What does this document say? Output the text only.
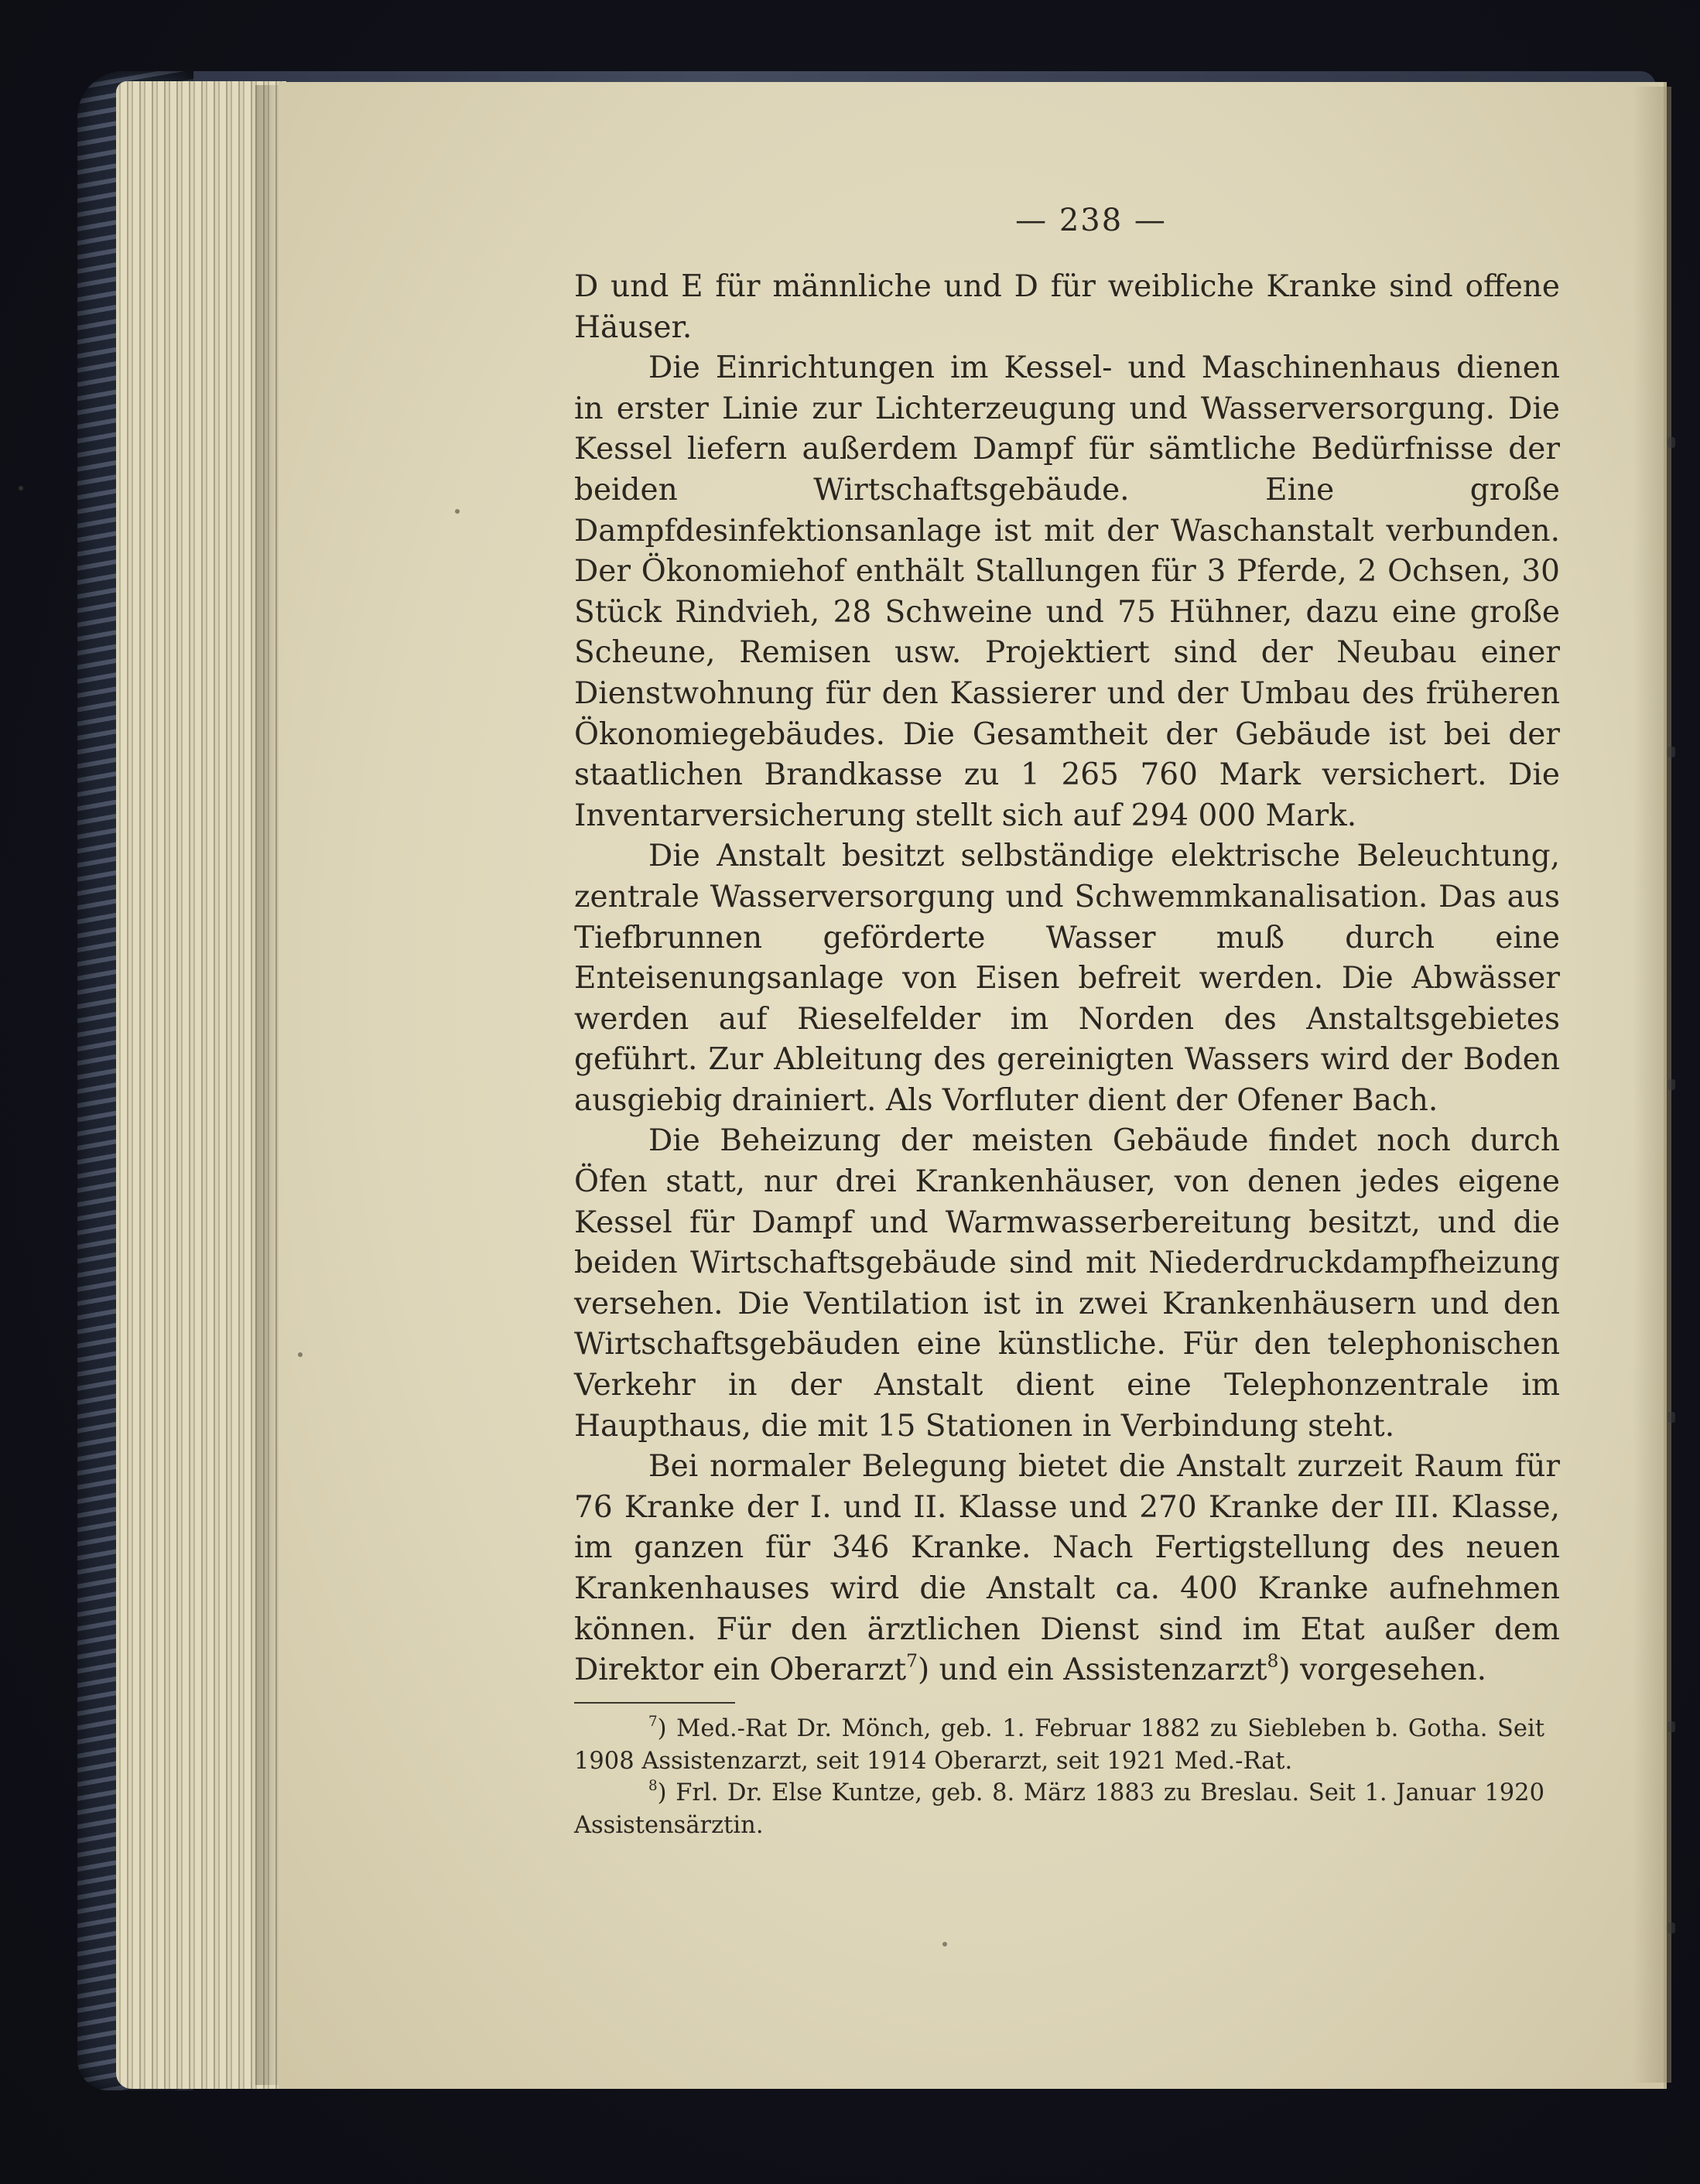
— 238 —

D und E für männliche und D für weibliche Kranke sind offene Häuser.

Die Einrichtungen im Kessel- und Maschinenhaus dienen in erster Linie zur Lichterzeugung und Wasserversorgung. Die Kessel liefern außerdem Dampf für sämtliche Bedürfnisse der beiden Wirtschaftsgebäude. Eine große Dampfdesinfektionsanlage ist mit der Waschanstalt verbunden. Der Ökonomiehof enthält Stallungen für 3 Pferde, 2 Ochsen, 30 Stück Rindvieh, 28 Schweine und 75 Hühner, dazu eine große Scheune, Remisen usw. Projektiert sind der Neubau einer Dienstwohnung für den Kassierer und der Umbau des früheren Ökonomiegebäudes. Die Gesamtheit der Gebäude ist bei der staatlichen Brandkasse zu 1 265 760 Mark versichert. Die Inventarversicherung stellt sich auf 294 000 Mark.

Die Anstalt besitzt selbständige elektrische Beleuchtung, zentrale Wasserversorgung und Schwemmkanalisation. Das aus Tiefbrunnen geförderte Wasser muß durch eine Enteisenungsanlage von Eisen befreit werden. Die Abwässer werden auf Rieselfelder im Norden des Anstaltsgebietes geführt. Zur Ableitung des gereinigten Wassers wird der Boden ausgiebig drainiert. Als Vorfluter dient der Ofener Bach.

Die Beheizung der meisten Gebäude findet noch durch Öfen statt, nur drei Krankenhäuser, von denen jedes eigene Kessel für Dampf und Warmwasserbereitung besitzt, und die beiden Wirtschaftsgebäude sind mit Niederdruckdampfheizung versehen. Die Ventilation ist in zwei Krankenhäusern und den Wirtschaftsgebäuden eine künstliche. Für den telephonischen Verkehr in der Anstalt dient eine Telephonzentrale im Haupthaus, die mit 15 Stationen in Verbindung steht.

Bei normaler Belegung bietet die Anstalt zurzeit Raum für 76 Kranke der I. und II. Klasse und 270 Kranke der III. Klasse, im ganzen für 346 Kranke. Nach Fertigstellung des neuen Krankenhauses wird die Anstalt ca. 400 Kranke aufnehmen können. Für den ärztlichen Dienst sind im Etat außer dem Direktor ein Oberarzt$^7$) und ein Assistenzarzt$^8$) vorgesehen.

$^7$) Med.-Rat Dr. Mönch, geb. 1. Februar 1882 zu Siebleben b. Gotha. Seit 1908 Assistenzarzt, seit 1914 Oberarzt, seit 1921 Med.-Rat.

$^8$) Frl. Dr. Else Kuntze, geb. 8. März 1883 zu Breslau. Seit 1. Januar 1920 Assistensärztin.
